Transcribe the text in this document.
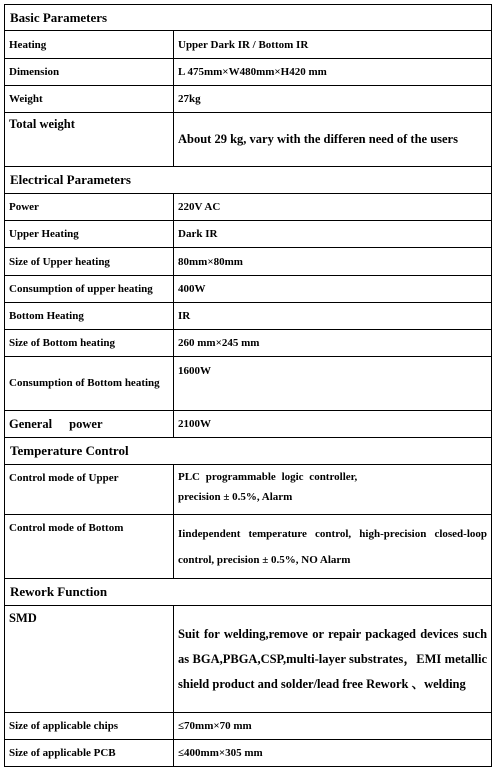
Basic Parameters	
Heating	Upper Dark IR / Bottom IR
Dimension	L 475mm×W480mm×H420 mm
Weight	27kg
Total weight	About 29 kg, vary with the differen need of the users
Electrical Parameters	
Power	220V AC
Upper Heating	Dark IR
Size of Upper heating	80mm×80mm
Consumption of upper heating	400W
Bottom Heating	IR
Size of Bottom heating	260 mm×245 mm
Consumption of Bottom heating	1600W
General power	2100W
Temperature Control	
Control mode of Upper	PLC programmable logic controller,
precision ± 0.5%, Alarm

Control mode of Bottom	Iindependent temperature control, high-precision closed-loop control, precision ± 0.5%, NO Alarm
Rework Function	
SMD	Suit for welding,remove or repair packaged devices such as BGA,PBGA,CSP,multi-layer substrates，EMI metallic shield product and solder/lead free Rework 、welding
Size of applicable chips	≤70mm×70 mm
Size of applicable PCB	≤400mm×305 mm
